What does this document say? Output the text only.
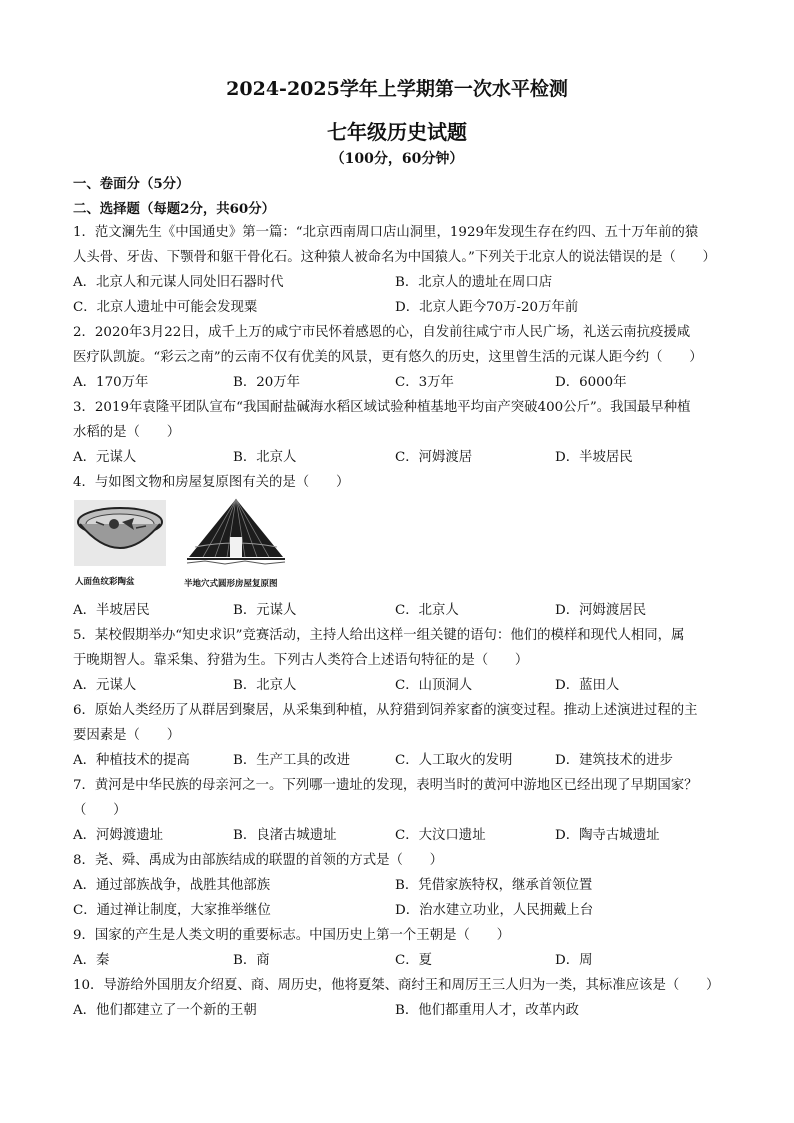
2024-2025学年上学期第一次水平检测
七年级历史试题
（100分，60分钟）
一、卷面分（5分）
二、选择题（每题2分，共60分）
1．范文澜先生《中国通史》第一篇：“北京西南周口店山洞里，1929年发现生存在约四、五十万年前的猿
人头骨、牙齿、下颚骨和躯干骨化石。这种猿人被命名为中国猿人。”下列关于北京人的说法错误的是（　　）
A．北京人和元谋人同处旧石器时代	B．北京人的遗址在周口店
C．北京人遗址中可能会发现粟	D．北京人距今70万-20万年前
2．2020年3月22日，成千上万的咸宁市民怀着感恩的心，自发前往咸宁市人民广场，礼送云南抗疫援咸
医疗队凯旋。“彩云之南”的云南不仅有优美的风景，更有悠久的历史，这里曾生活的元谋人距今约（　　）
A．170万年	B．20万年	C．3万年	D．6000年
3．2019年袁隆平团队宣布“我国耐盐碱海水稻区域试验种植基地平均亩产突破400公斤”。我国最早种植
水稻的是（　　）
A．元谋人	B．北京人	C．河姆渡居	D．半坡居民
4．与如图文物和房屋复原图有关的是（　　）
人面鱼纹彩陶盆	半地穴式圆形房屋复原图
A．半坡居民	B．元谋人	C．北京人	D．河姆渡居民
5．某校假期举办“知史求识”竞赛活动，主持人给出这样一组关键的语句：他们的模样和现代人相同，属
于晚期智人。靠采集、狩猎为生。下列古人类符合上述语句特征的是（　　）
A．元谋人	B．北京人	C．山顶洞人	D．蓝田人
6．原始人类经历了从群居到聚居，从采集到种植，从狩猎到饲养家畜的演变过程。推动上述演进过程的主
要因素是（　　）
A．种植技术的提高	B．生产工具的改进	C．人工取火的发明	D．建筑技术的进步
7．黄河是中华民族的母亲河之一。下列哪一遗址的发现，表明当时的黄河中游地区已经出现了早期国家？
（　　）
A．河姆渡遗址	B．良渚古城遗址	C．大汶口遗址	D．陶寺古城遗址
8．尧、舜、禹成为由部族结成的联盟的首领的方式是（　　）
A．通过部族战争，战胜其他部族	B．凭借家族特权，继承首领位置
C．通过禅让制度，大家推举继位	D．治水建立功业，人民拥戴上台
9．国家的产生是人类文明的重要标志。中国历史上第一个王朝是（　　）
A．秦	B．商	C．夏	D．周
10．导游给外国朋友介绍夏、商、周历史，他将夏桀、商纣王和周厉王三人归为一类，其标准应该是（　　）
A．他们都建立了一个新的王朝	B．他们都重用人才，改革内政
